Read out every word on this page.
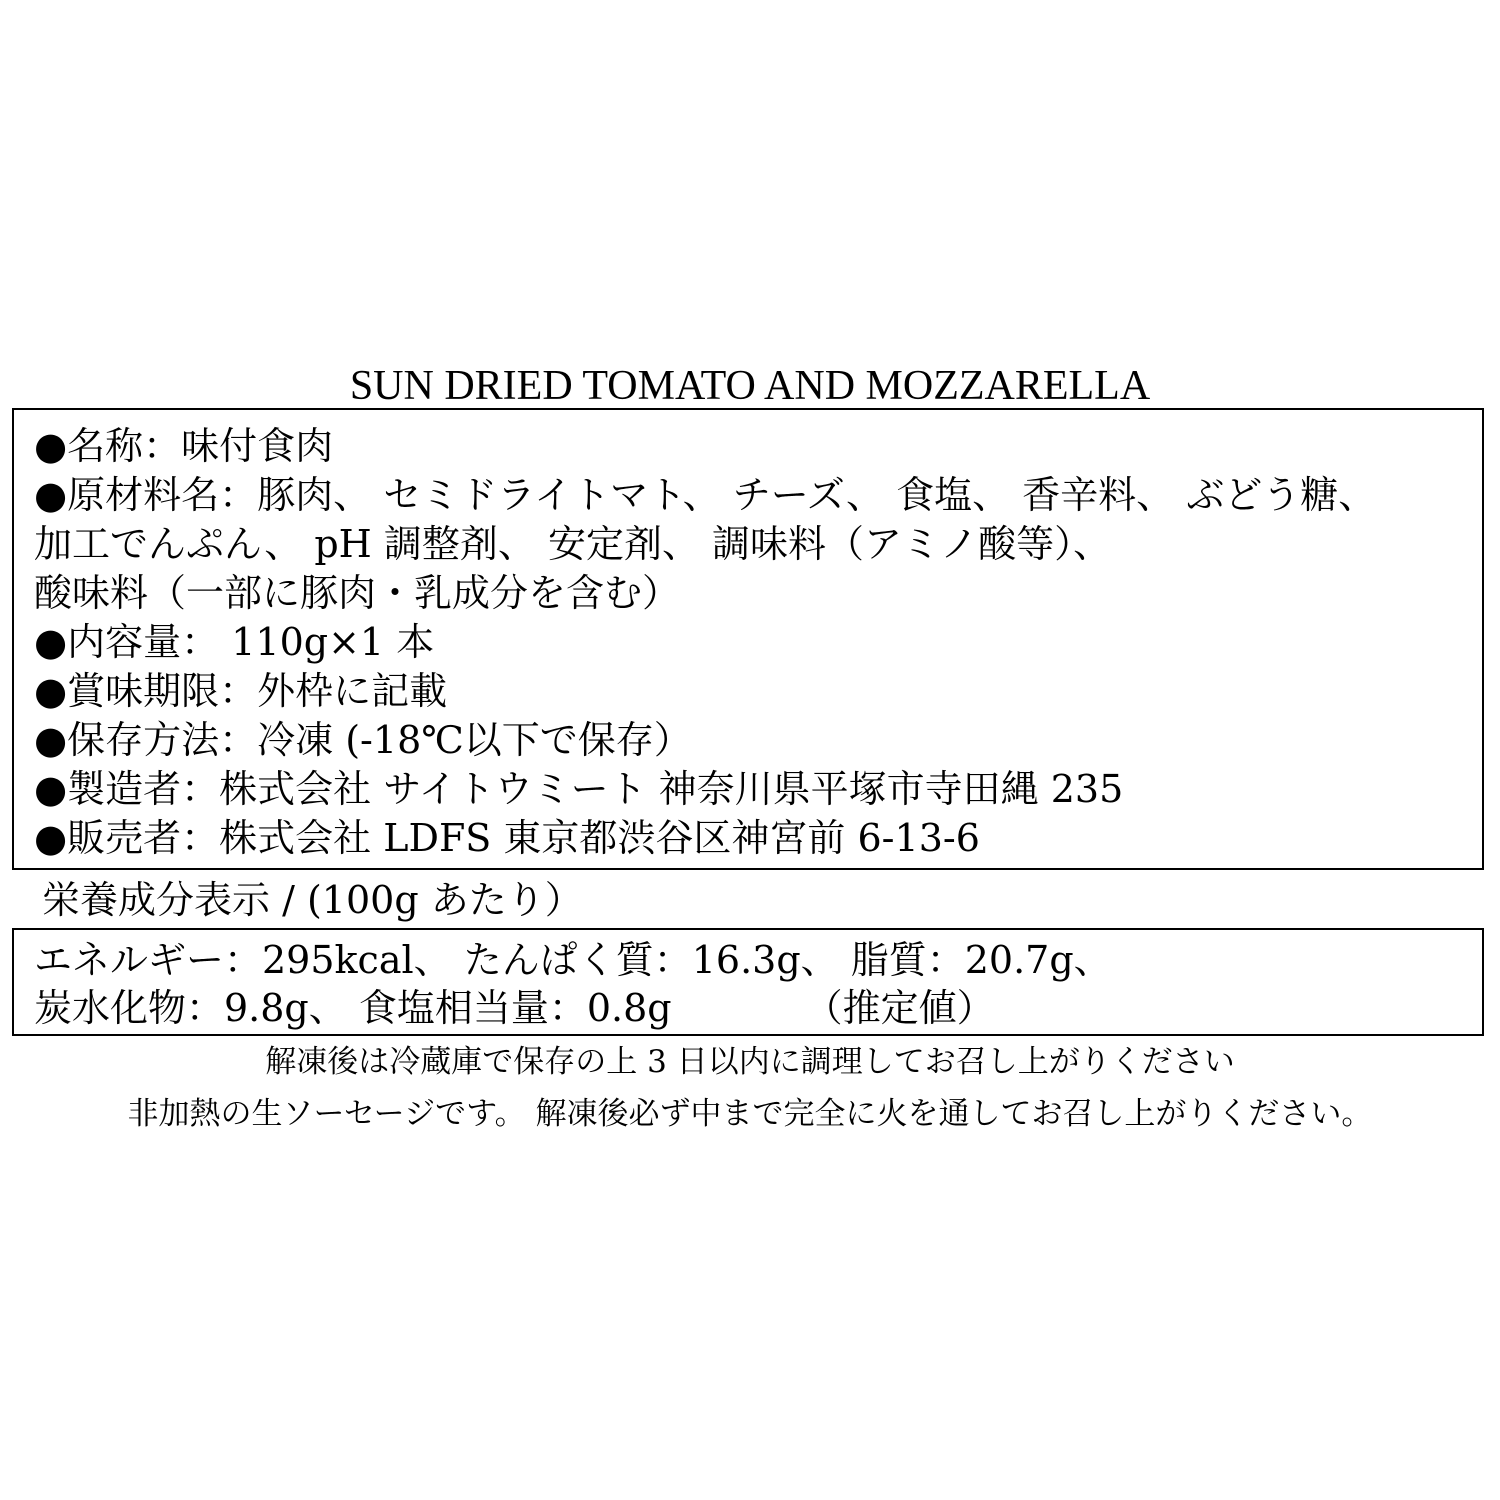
SUN DRIED TOMATO AND MOZZARELLA
●名称：味付食肉
●原材料名：豚肉、 セミドライトマト、 チーズ、 食塩、 香辛料、 ぶどう糖、
加工でんぷん、 pH 調整剤、 安定剤、 調味料（アミノ酸等）、
酸味料（一部に豚肉・乳成分を含む）
●内容量： 110g×1 本
●賞味期限：外枠に記載
●保存方法：冷凍 (-18℃以下で保存）
●製造者：株式会社 サイトウミート 神奈川県平塚市寺田縄 235
●販売者：株式会社 LDFS 東京都渋谷区神宮前 6-13-6
栄養成分表示 / (100g あたり）
エネルギー：295kcal、 たんぱく質：16.3g、 脂質：20.7g、
炭水化物：9.8g、 食塩相当量：0.8g　　　　（推定値）
解凍後は冷蔵庫で保存の上 3 日以内に調理してお召し上がりください
非加熱の生ソーセージです。 解凍後必ず中まで完全に火を通してお召し上がりください。
